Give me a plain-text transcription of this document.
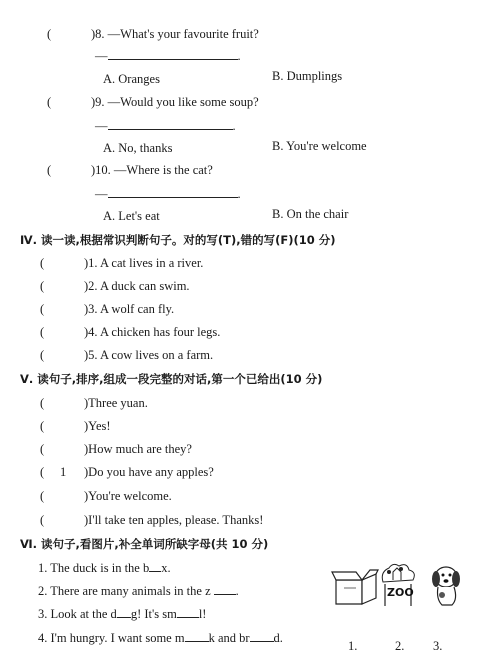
(	)8. —What's your favourite fruit?
—	.
A. Oranges	B. Dumplings
(	)9. —Would you like some soup?
—	.
A. No, thanks	B. You're welcome
(	)10. —Where is the cat?
—	.
A. Let's eat	B. On the chair
Ⅳ. 读一读,根据常识判断句子。对的写(T),错的写(F)(10 分)
(	)1. A cat lives in a river.
(	)2. A duck can swim.
(	)3. A wolf can fly.
(	)4. A chicken has four legs.
(	)5. A cow lives on a farm.
Ⅴ. 读句子,排序,组成一段完整的对话,第一个已给出(10 分)
(	)Three yuan.
(	)Yes!
(	)How much are they?
( 1 )Do you have any apples?
(	)You're welcome.
(	)I'll take ten apples, please. Thanks!
Ⅵ. 读句子,看图片,补全单词所缺字母(共 10 分)
1. The duck is in the b x.
2. There are many animals in the z .
3. Look at the d g! It's sm l!
4. I'm hungry. I want some m k and br d.
ZOO
1.	2. 3.
